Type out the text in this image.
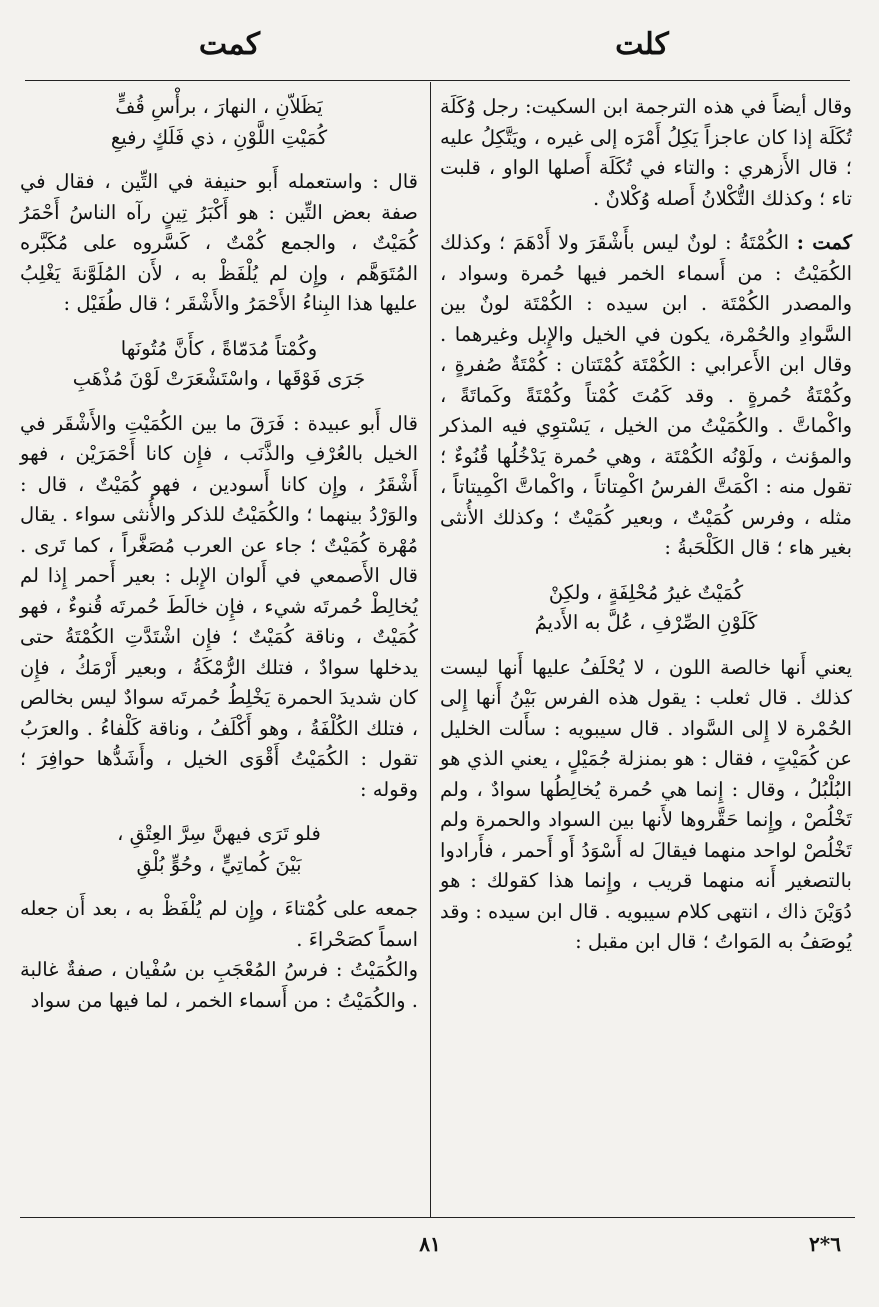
كلت
كمت

وقال أيضاً في هذه الترجمة ابن السكيت: رجل وُكَلَة تُكَلَة إذا كان عاجزاً يَكِلُ أَمْرَه إلى غيره ، ويَتَّكِلُ عليه ؛ قال الأَزهري : والتاء في تُكَلَة أَصلها الواو ، قلبت تاء ؛ وكذلك التُّكْلانُ أَصله وُكْلانٌ .

كمت : الكُمْتَةُ : لونٌ ليس بأَشْقَرَ ولا أَدْهَمَ ؛ وكذلك الكُمَيْتُ : من أَسماء الخمر فيها حُمرة وسواد ، والمصدر الكُمْتَة . ابن سيده : الكُمْتَة لونٌ بين السَّوادِ والحُمْرة، يكون في الخيل والإِبل وغيرهما . وقال ابن الأَعرابي : الكُمْتَة كُمْتَتان : كُمْتَةٌ صُفرةٍ ، وكُمْتَةُ حُمرةٍ . وقد كَمُتَ كُمْتاً وكُمْتَةً وكَماتَةً ، واكْماتَّ . والكُمَيْتُ من الخيل ، يَسْتوِي فيه المذكر والمؤنث ، ولَوْنُه الكُمْتَة ، وهي حُمرة يَدْخُلُها قُنُوءٌ ؛ تقول منه : اكْمَتَّ الفرسُ اكْمِتاتاً ، واكْماتَّ اكْمِيتاتاً ، مثله ، وفرس كُمَيْتٌ ، وبعير كُمَيْتٌ ؛ وكذلك الأُنثى بغير هاء ؛ قال الكَلْحَبةُ :

كُمَيْتٌ غيرُ مُحْلِفَةٍ ، ولكِنْ

كَلَوْنِ الصِّرْفِ ، عُلَّ به الأَديمُ

يعني أَنها خالصة اللون ، لا يُحْلَفُ عليها أَنها ليست كذلك . قال ثعلب : يقول هذه الفرس بَيْنُ أَنها إِلى الحُمْرة لا إِلى السَّواد . قال سيبويه : سأَلت الخليل عن كُمَيْتٍ ، فقال : هو بمنزلة جُمَيْلٍ ، يعني الذي هو البُلْبُلُ ، وقال : إِنما هي حُمرة يُخالِطُها سوادٌ ، ولم تَخْلُصْ ، وإِنما حَقَّروها لأَنها بين السواد والحمرة ولم تَخْلُصْ لواحد منهما فيقالَ له أَسْوَدُ أَو أَحمر ، فأَرادوا بالتصغير أَنه منهما قريب ، وإِنما هذا كقولك : هو دُوَيْنَ ذاك ، انتهى كلام سيبويه . قال ابن سيده : وقد يُوصَفُ به المَواتُ ؛ قال ابن مقبل :

يَظَلاّنِ ، النهارَ ، برأْسِ قُفٍّ

كُمَيْتِ اللَّوْنِ ، ذي فَلَكٍ رفيعِ

قال : واستعمله أَبو حنيفة في التِّين ، فقال في صفة بعض التِّين : هو أَكْبَرُ تِينٍ رآه الناسُ أَحْمَرُ كُمَيْتٌ ، والجمع كُمْتٌ ، كَسَّروه على مُكَبَّره المُتَوَهَّم ، وإِن لم يُلْفَظْ به ، لأَن المُلَوَّنةَ يَغْلِبُ عليها هذا البِناءُ الأَحْمَرُ والأَشْقَر ؛ قال طُفَيْل :

وكُمْتاً مُدَمّاةً ، كأَنَّ مُتُونَها

جَرَى فَوْقَها ، واسْتَشْعَرَتْ لَوْنَ مُذْهَبِ

قال أَبو عبيدة : فَرَقَ ما بين الكُمَيْتِ والأَشْقَر في الخيل بالعُرْفِ والذَّنَب ، فإِن كانا أَحْمَرَيْن ، فهو أَشْقَرُ ، وإِن كانا أَسودين ، فهو كُمَيْتٌ ، قال : والوَرْدُ بينهما ؛ والكُمَيْتُ للذكر والأُنثى سواء . يقال مُهْرة كُمَيْتٌ ؛ جاء عن العرب مُصَغَّراً ، كما تَرى . قال الأَصمعي في أَلوان الإِبل : بعير أَحمر إِذا لم يُخالِطْ حُمرتَه شيء ، فإِن خالَطَ حُمرتَه قُنوءٌ ، فهو كُمَيْتٌ ، وناقة كُمَيْتٌ ؛ فإِن اشْتَدَّتِ الكُمْتَةُ حتى يدخلها سوادٌ ، فتلك الرُّمْكَةُ ، وبعير أَرْمَكُ ، فإِن كان شديدَ الحمرة يَخْلِطُ حُمرتَه سوادٌ ليس بخالص ، فتلك الكُلْفَةُ ، وهو أَكْلَفُ ، وناقة كَلْفاءُ . والعرَبُ تقول : الكُمَيْتُ أَقْوَى الخيل ، وأَشَدُّها حوافِرَ ؛ وقوله :

فلو تَرَى فيهنَّ سِرَّ العِتْقِ ،

بَيْنَ كُماتِيٍّ ، وحُوٍّ بُلْقِ

جمعه على كُمْتاءَ ، وإِن لم يُلْفَظْ به ، بعد أَن جعله اسماً كصَحْراءَ .

والكُمَيْتُ : فرسُ المُعْجَبِ بن سُفْيان ، صفةٌ غالبة . والكُمَيْتُ : من أَسماء الخمر ، لما فيها من سواد

٨١	٦*٢
